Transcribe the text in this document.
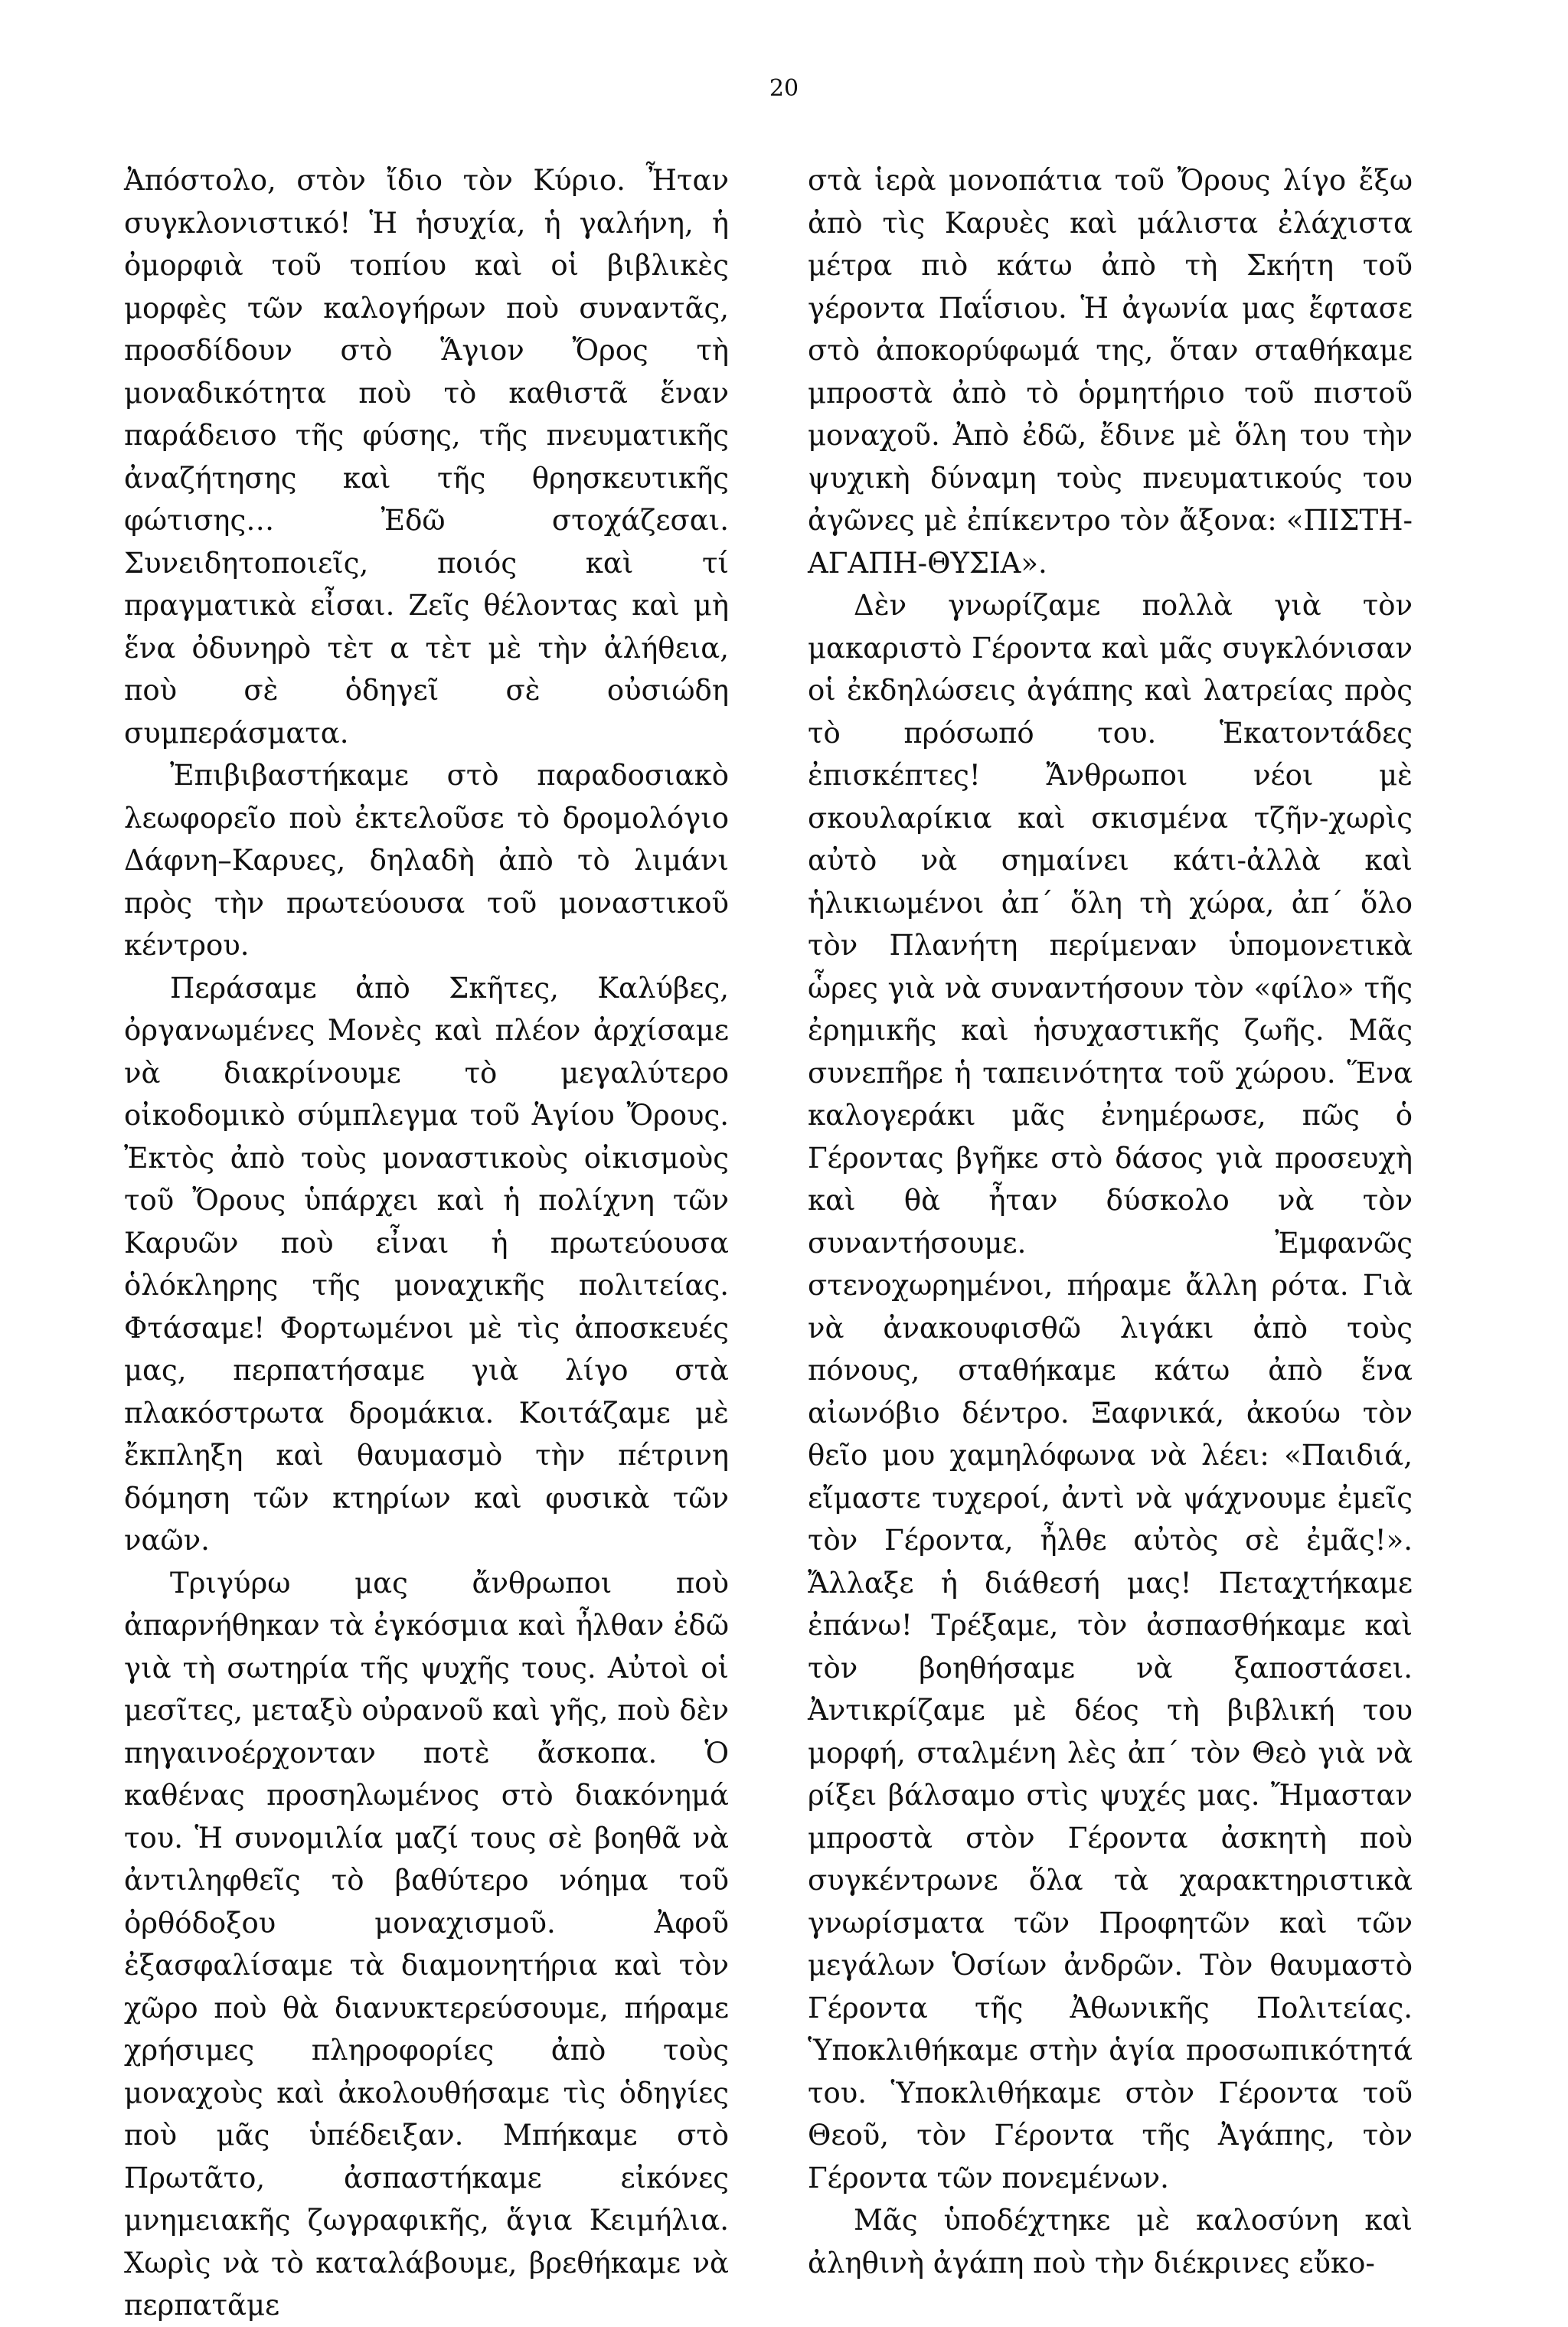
20

Ἀπόστολο, στὸν ἴδιο τὸν Κύριο. Ἦταν συγκλονιστικό! Ἡ ἡσυχία, ἡ γαλήνη, ἡ ὀμορφιὰ τοῦ τοπίου καὶ οἱ βιβλικὲς μορφὲς τῶν καλογήρων ποὺ συναντᾶς, προσδίδουν στὸ Ἅγιον Ὄρος τὴ μοναδικότητα ποὺ τὸ καθιστᾶ ἕναν παράδεισο τῆς φύσης, τῆς πνευματικῆς ἀναζήτησης καὶ τῆς θρησκευτικῆς φώτισης… Ἐδῶ στοχάζεσαι. Συνειδητοποιεῖς, ποιός καὶ τί πραγματικὰ εἶσαι. Ζεῖς θέλοντας καὶ μὴ ἕνα ὀδυνηρὸ τὲτ α τὲτ μὲ τὴν ἀλήθεια, ποὺ σὲ ὁδηγεῖ σὲ οὐσιώδη συμπεράσματα.

Ἐπιβιβαστήκαμε στὸ παραδοσιακὸ λεωφορεῖο ποὺ ἐκτελοῦσε τὸ δρομολόγιο Δάφνη–Καρυες, δηλαδὴ ἀπὸ τὸ λιμάνι πρὸς τὴν πρωτεύουσα τοῦ μοναστικοῦ κέντρου.

Περάσαμε ἀπὸ Σκῆτες, Καλύβες, ὀργανωμένες Μονὲς καὶ πλέον ἀρχίσαμε νὰ διακρίνουμε τὸ μεγαλύτερο οἰκοδομικὸ σύμπλεγμα τοῦ Ἁγίου Ὄρους. Ἐκτὸς ἀπὸ τοὺς μοναστικοὺς οἰκισμοὺς τοῦ Ὄρους ὑπάρχει καὶ ἡ πολίχνη τῶν Καρυῶν ποὺ εἶναι ἡ πρωτεύουσα ὁλόκληρης τῆς μοναχικῆς πολιτείας. Φτάσαμε! Φορτωμένοι μὲ τὶς ἀποσκευές μας, περπατήσαμε γιὰ λίγο στὰ πλακόστρωτα δρομάκια. Κοιτάζαμε μὲ ἔκπληξη καὶ θαυμασμὸ τὴν πέτρινη δόμηση τῶν κτηρίων καὶ φυσικὰ τῶν ναῶν.

Τριγύρω μας ἄνθρωποι ποὺ ἀπαρνήθηκαν τὰ ἐγκόσμια καὶ ἦλθαν ἐδῶ γιὰ τὴ σωτηρία τῆς ψυχῆς τους. Αὐτοὶ οἱ μεσῖτες, μεταξὺ οὐρανοῦ καὶ γῆς, ποὺ δὲν πηγαινοέρχονταν ποτὲ ἄσκοπα. Ὁ καθένας προσηλωμένος στὸ διακόνημά του. Ἡ συνομιλία μαζί τους σὲ βοηθᾶ νὰ ἀντιληφθεῖς τὸ βαθύτερο νόημα τοῦ ὀρθόδοξου μοναχισμοῦ. Ἀφοῦ ἐξασφαλίσαμε τὰ διαμονητήρια καὶ τὸν χῶρο ποὺ θὰ διανυκτερεύσουμε, πήραμε χρήσιμες πληροφορίες ἀπὸ τοὺς μοναχοὺς καὶ ἀκολουθήσαμε τὶς ὁδηγίες ποὺ μᾶς ὑπέδειξαν. Μπήκαμε στὸ Πρωτᾶτο, ἀσπαστήκαμε εἰκόνες μνημειακῆς ζωγραφικῆς, ἅγια Κειμήλια. Χωρὶς νὰ τὸ καταλάβουμε, βρεθήκαμε νὰ περπατᾶμε

στὰ ἱερὰ μονοπάτια τοῦ Ὄρους λίγο ἔξω ἀπὸ τὶς Καρυὲς καὶ μάλιστα ἐλάχιστα μέτρα πιὸ κάτω ἀπὸ τὴ Σκήτη τοῦ γέροντα Παΐσιου. Ἡ ἀγωνία μας ἔφτασε στὸ ἀποκορύφωμά της, ὅταν σταθήκαμε μπροστὰ ἀπὸ τὸ ὁρμητήριο τοῦ πιστοῦ μοναχοῦ. Ἀπὸ ἐδῶ, ἔδινε μὲ ὅλη του τὴν ψυχικὴ δύναμη τοὺς πνευματικούς του ἀγῶνες μὲ ἐπίκεντρο τὸν ἄξονα: «ΠΙΣΤΗ-ΑΓΑΠΗ-ΘΥΣΙΑ».

Δὲν γνωρίζαμε πολλὰ γιὰ τὸν μακαριστὸ Γέροντα καὶ μᾶς συγκλόνισαν οἱ ἐκδηλώσεις ἀγάπης καὶ λατρείας πρὸς τὸ πρόσωπό του. Ἑκατοντάδες ἐπισκέπτες! Ἄνθρωποι νέοι μὲ σκουλαρίκια καὶ σκισμένα τζῆν-χωρὶς αὐτὸ νὰ σημαίνει κάτι-ἀλλὰ καὶ ἡλικιωμένοι ἀπ΄ ὅλη τὴ χώρα, ἀπ΄ ὅλο τὸν Πλανήτη περίμεναν ὑπομονετικὰ ὧρες γιὰ νὰ συναντήσουν τὸν «φίλο» τῆς ἐρημικῆς καὶ ἡσυχαστικῆς ζωῆς. Μᾶς συνεπῆρε ἡ ταπεινότητα τοῦ χώρου. Ἕνα καλογεράκι μᾶς ἐνημέρωσε, πῶς ὁ Γέροντας βγῆκε στὸ δάσος γιὰ προσευχὴ καὶ θὰ ἦταν δύσκολο νὰ τὸν συναντήσουμε. Ἐμφανῶς στενοχωρημένοι, πήραμε ἄλλη ρότα. Γιὰ νὰ ἀνακουφισθῶ λιγάκι ἀπὸ τοὺς πόνους, σταθήκαμε κάτω ἀπὸ ἕνα αἰωνόβιο δέντρο. Ξαφνικά, ἀκούω τὸν θεῖο μου χαμηλόφωνα νὰ λέει: «Παιδιά, εἴμαστε τυχεροί, ἀντὶ νὰ ψάχνουμε ἐμεῖς τὸν Γέροντα, ἦλθε αὐτὸς σὲ ἐμᾶς!». Ἄλλαξε ἡ διάθεσή μας! Πεταχτήκαμε ἐπάνω! Τρέξαμε, τὸν ἀσπασθήκαμε καὶ τὸν βοηθήσαμε νὰ ξαποστάσει. Ἀντικρίζαμε μὲ δέος τὴ βιβλική του μορφή, σταλμένη λὲς ἀπ΄ τὸν Θεὸ γιὰ νὰ ρίξει βάλσαμο στὶς ψυχές μας. Ἤμασταν μπροστὰ στὸν Γέροντα ἀσκητὴ ποὺ συγκέντρωνε ὅλα τὰ χαρακτηριστικὰ γνωρίσματα τῶν Προφητῶν καὶ τῶν μεγάλων Ὁσίων ἀνδρῶν. Τὸν θαυμαστὸ Γέροντα τῆς Ἀθωνικῆς Πολιτείας. Ὑποκλιθήκαμε στὴν ἁγία προσωπικότητά του. Ὑποκλιθήκαμε στὸν Γέροντα τοῦ Θεοῦ, τὸν Γέροντα τῆς Ἀγάπης, τὸν Γέροντα τῶν πονεμένων.

Μᾶς ὑποδέχτηκε μὲ καλοσύνη καὶ ἀληθινὴ ἀγάπη ποὺ τὴν διέκρινες εὔκο-
